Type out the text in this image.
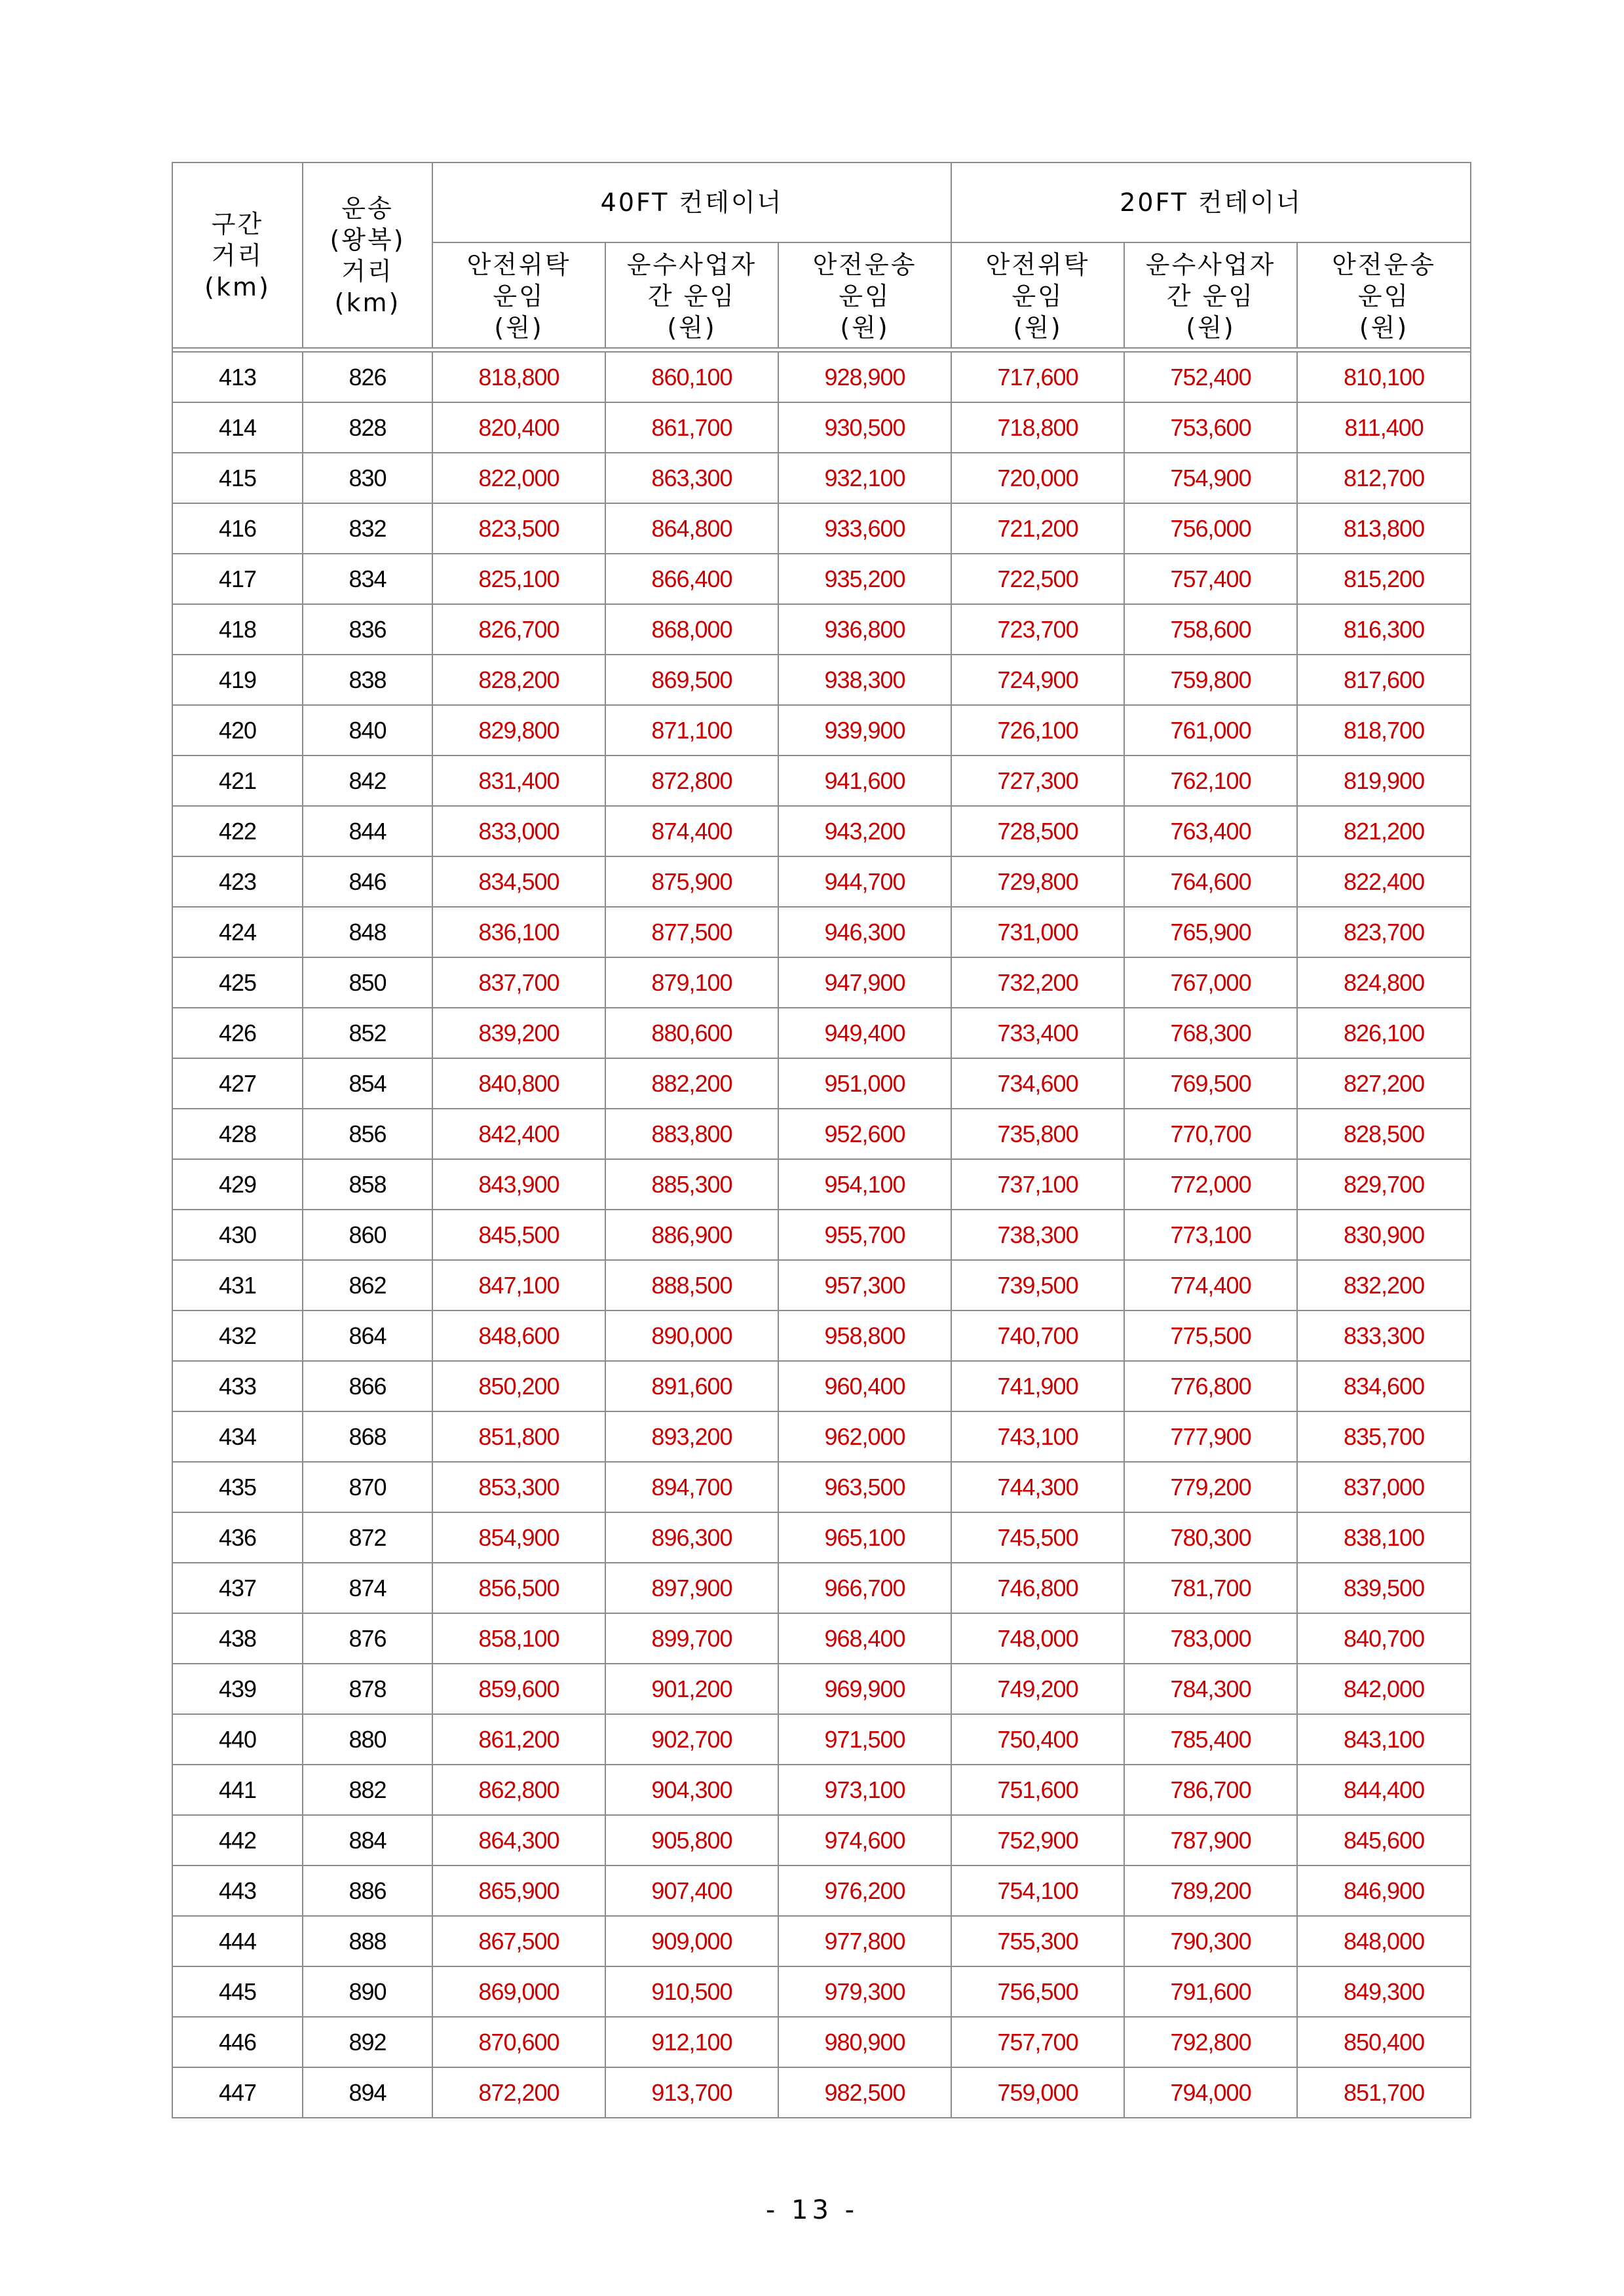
구간
거리
(km)	운송
(왕복)
거리
(km)	40FT 컨테이너			20FT 컨테이너		

		안전위탁
운임
(원)	운수사업자
간 운임
(원)	안전운송
운임
(원)	안전위탁
운임
(원)	운수사업자
간 운임
(원)	안전운송
운임
(원)

413	826	818,800	860,100	928,900	717,600	752,400	810,100
414	828	820,400	861,700	930,500	718,800	753,600	811,400
415	830	822,000	863,300	932,100	720,000	754,900	812,700
416	832	823,500	864,800	933,600	721,200	756,000	813,800
417	834	825,100	866,400	935,200	722,500	757,400	815,200
418	836	826,700	868,000	936,800	723,700	758,600	816,300
419	838	828,200	869,500	938,300	724,900	759,800	817,600
420	840	829,800	871,100	939,900	726,100	761,000	818,700
421	842	831,400	872,800	941,600	727,300	762,100	819,900
422	844	833,000	874,400	943,200	728,500	763,400	821,200
423	846	834,500	875,900	944,700	729,800	764,600	822,400
424	848	836,100	877,500	946,300	731,000	765,900	823,700
425	850	837,700	879,100	947,900	732,200	767,000	824,800
426	852	839,200	880,600	949,400	733,400	768,300	826,100
427	854	840,800	882,200	951,000	734,600	769,500	827,200
428	856	842,400	883,800	952,600	735,800	770,700	828,500
429	858	843,900	885,300	954,100	737,100	772,000	829,700
430	860	845,500	886,900	955,700	738,300	773,100	830,900
431	862	847,100	888,500	957,300	739,500	774,400	832,200
432	864	848,600	890,000	958,800	740,700	775,500	833,300
433	866	850,200	891,600	960,400	741,900	776,800	834,600
434	868	851,800	893,200	962,000	743,100	777,900	835,700
435	870	853,300	894,700	963,500	744,300	779,200	837,000
436	872	854,900	896,300	965,100	745,500	780,300	838,100
437	874	856,500	897,900	966,700	746,800	781,700	839,500
438	876	858,100	899,700	968,400	748,000	783,000	840,700
439	878	859,600	901,200	969,900	749,200	784,300	842,000
440	880	861,200	902,700	971,500	750,400	785,400	843,100
441	882	862,800	904,300	973,100	751,600	786,700	844,400
442	884	864,300	905,800	974,600	752,900	787,900	845,600
443	886	865,900	907,400	976,200	754,100	789,200	846,900
444	888	867,500	909,000	977,800	755,300	790,300	848,000
445	890	869,000	910,500	979,300	756,500	791,600	849,300
446	892	870,600	912,100	980,900	757,700	792,800	850,400
447	894	872,200	913,700	982,500	759,000	794,000	851,700
- 13 -
